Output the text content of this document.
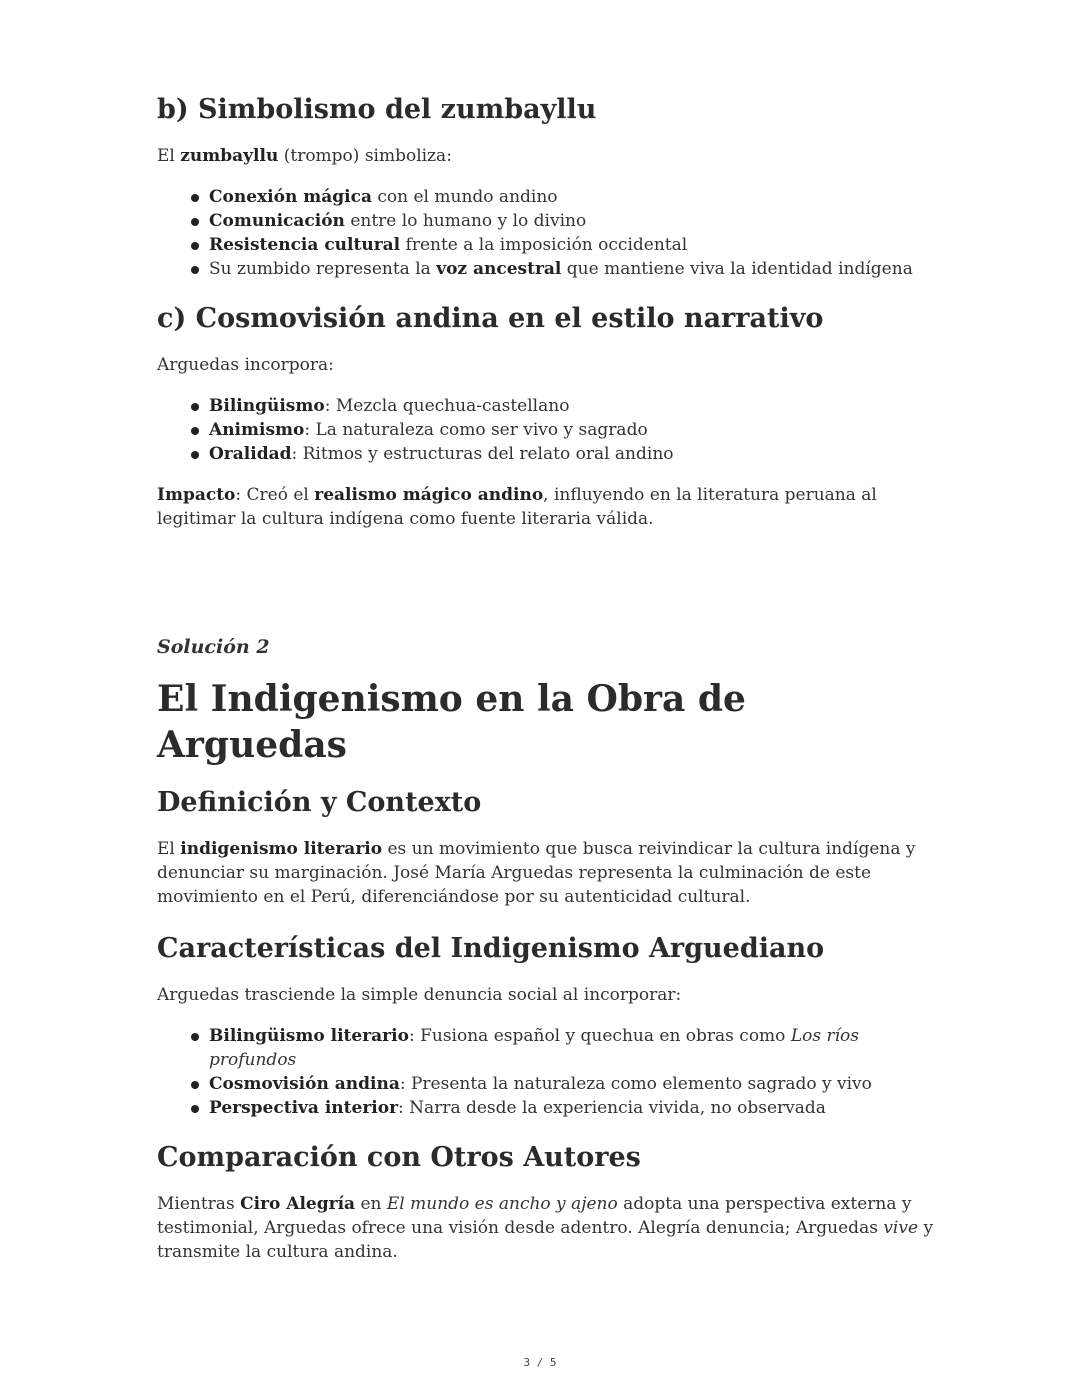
b) Simbolismo del zumbayllu

El zumbayllu (trompo) simboliza:

Conexión mágica con el mundo andino
Comunicación entre lo humano y lo divino
Resistencia cultural frente a la imposición occidental
Su zumbido representa la voz ancestral que mantiene viva la identidad indígena
c) Cosmovisión andina en el estilo narrativo

Arguedas incorpora:

Bilingüismo: Mezcla quechua-castellano
Animismo: La naturaleza como ser vivo y sagrado
Oralidad: Ritmos y estructuras del relato oral andino

Impacto: Creó el realismo mágico andino, influyendo en la literatura peruana al legitimar la cultura indígena como fuente literaria válida.

Solución 2

El Indigenismo en la Obra de Arguedas
Definición y Contexto

El indigenismo literario es un movimiento que busca reivindicar la cultura indígena y denunciar su marginación. José María Arguedas representa la culminación de este movimiento en el Perú, diferenciándose por su autenticidad cultural.

Características del Indigenismo Arguediano

Arguedas trasciende la simple denuncia social al incorporar:

Bilingüismo literario: Fusiona español y quechua en obras como Los ríos profundos
Cosmovisión andina: Presenta la naturaleza como elemento sagrado y vivo
Perspectiva interior: Narra desde la experiencia vivida, no observada
Comparación con Otros Autores

Mientras Ciro Alegría en El mundo es ancho y ajeno adopta una perspectiva externa y testimonial, Arguedas ofrece una visión desde adentro. Alegría denuncia; Arguedas vive y transmite la cultura andina.

3 / 5
